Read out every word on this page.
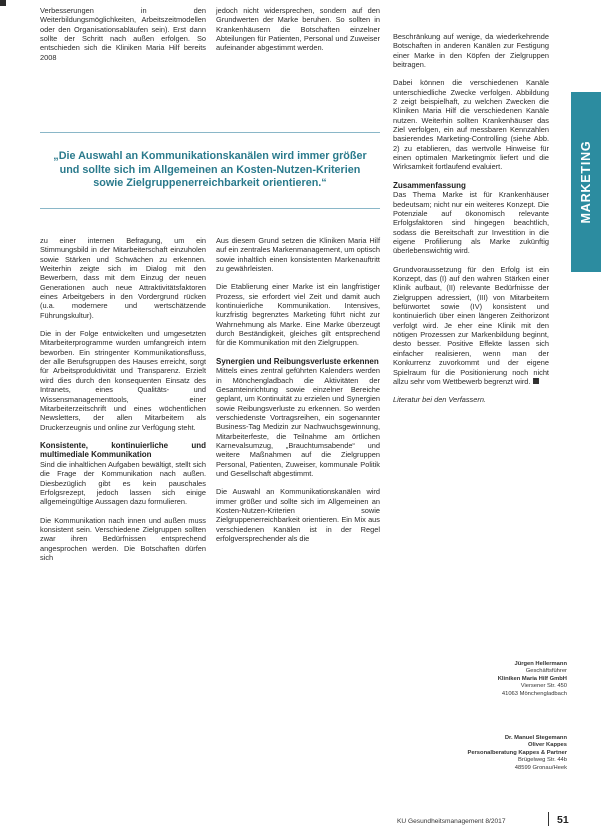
Verbesserungen in den Weiterbildungsmöglichkeiten, Arbeitszeitmodellen oder den Organisationsabläufen sein). Erst dann sollte der Schritt nach außen erfolgen. So entschieden sich die Kliniken Maria Hilf bereits 2008

jedoch nicht widersprechen, sondern auf den Grundwerten der Marke beruhen. So sollten in Krankenhäusern die Botschaften einzelner Abteilungen für Patienten, Personal und Zuweiser aufeinander abgestimmt werden.

„Die Auswahl an Kommunikationskanälen wird immer größer und sollte sich im Allgemeinen an Kosten-Nutzen-Kriterien sowie Zielgruppenerreichbarkeit orientieren.“

zu einer internen Befragung, um ein Stimmungsbild in der Mitarbeiterschaft einzuholen sowie Stärken und Schwächen zu erkennen. Weiterhin zeigte sich im Dialog mit den Bewerbern, dass mit dem Einzug der neuen Generationen auch neue Attraktivitätsfaktoren eines Arbeitgebers in den Vordergrund rücken (u.a. modernere und wertschätzende Führungskultur).

Die in der Folge entwickelten und umgesetzten Mitarbeiterprogramme wurden umfangreich intern beworben. Ein stringenter Kommunikationsfluss, der alle Berufsgruppen des Hauses erreicht, sorgt für Arbeitsproduktivität und Transparenz. Erzielt wird dies durch den konsequenten Einsatz des Intranets, eines Qualitäts- und Wissensmanagementtools, einer Mitarbeiterzeitschrift und eines wöchentlichen Newsletters, der allen Mitarbeitern als Druckerzeugnis und online zur Verfügung steht.

Konsistente, kontinuierliche und multimediale Kommunikation

Sind die inhaltlichen Aufgaben bewältigt, stellt sich die Frage der Kommunikation nach außen. Diesbezüglich gibt es kein pauschales Erfolgsrezept, jedoch lassen sich einige allgemeingültige Aussagen dazu formulieren.

Die Kommunikation nach innen und außen muss konsistent sein. Verschiedene Zielgruppen sollten zwar ihren Bedürfnissen entsprechend angesprochen werden. Die Botschaften dürfen sich

Aus diesem Grund setzen die Kliniken Maria Hilf auf ein zentrales Markenmanagement, um optisch sowie inhaltlich einen konsistenten Markenauftritt zu gewährleisten.

Die Etablierung einer Marke ist ein langfristiger Prozess, sie erfordert viel Zeit und damit auch kontinuierliche Kommunikation. Intensives, kurzfristig begrenztes Marketing führt nicht zur Wahrnehmung als Marke. Eine Marke überzeugt durch Beständigkeit, gleiches gilt entsprechend für die Kommunikation mit den Zielgruppen.

Synergien und Reibungsverluste erkennen

Mittels eines zentral geführten Kalenders werden in Mönchengladbach die Aktivitäten der Gesamteinrichtung sowie einzelner Bereiche geplant, um Kontinuität zu erzielen und Synergien sowie Reibungsverluste zu erkennen. So werden verschiedenste Vortragsreihen, ein sogenannter Business-Tag Medizin zur Nachwuchsgewinnung, Mitarbeiterfeste, die Teilnahme am örtlichen Karnevalsumzug, „Brauchtumsabende“ und weitere Maßnahmen auf die Zielgruppen Personal, Patienten, Zuweiser, kommunale Politik und Gesellschaft abgestimmt.

Die Auswahl an Kommunikationskanälen wird immer größer und sollte sich im Allgemeinen an Kosten-Nutzen-Kriterien sowie Zielgruppenerreichbarkeit orientieren. Ein Mix aus verschiedenen Kanälen ist in der Regel erfolgversprechender als die

Beschränkung auf wenige, da wiederkehrende Botschaften in anderen Kanälen zur Festigung einer Marke in den Köpfen der Zielgruppen beitragen.

Dabei können die verschiedenen Kanäle unterschiedliche Zwecke verfolgen. Abbildung 2 zeigt beispielhaft, zu welchen Zwecken die Kliniken Maria Hilf die verschiedenen Kanäle nutzen. Weiterhin sollten Krankenhäuser das Ziel verfolgen, ein auf messbaren Kennzahlen basierendes Marketing-Controlling (siehe Abb. 2) zu etablieren, das wertvolle Hinweise für einen optimalen Marketingmix liefert und die Wirksamkeit fortlaufend evaluiert.

Zusammenfassung

Das Thema Marke ist für Krankenhäuser bedeutsam; nicht nur ein weiteres Konzept. Die Potenziale auf ökonomisch relevante Erfolgsfaktoren sind hingegen beachtlich, sodass die Bereitschaft zur Investition in die eigene Profilierung als Marke zukünftig überlebenswichtig wird.

Grundvoraussetzung für den Erfolg ist ein Konzept, das (I) auf den wahren Stärken einer Klinik aufbaut, (II) relevante Bedürfnisse der Zielgruppen adressiert, (III) von Mitarbeitern befürwortet sowie (IV) konsistent und kontinuierlich über einen längeren Zeithorizont verfolgt wird. Je eher eine Klinik mit den nötigen Prozessen zur Markenbildung beginnt, desto besser. Positive Effekte lassen sich einfacher realisieren, wenn man der Konkurrenz zuvorkommt und der eigene Spielraum für die Positionierung noch nicht allzu sehr vom Wettbewerb begrenzt wird.

Literatur bei den Verfassern.

MARKETING
Jürgen Hellermann
Geschäftsführer
Kliniken Maria Hilf GmbH
Viersener Str. 450
41063 Mönchengladbach
Dr. Manuel Stegemann
Oliver Kappes
Personalberatung Kappes & Partner
Brügelweg Str. 44b
48599 Gronau/Heek
KU Gesundheitsmanagement 8/2017	51
